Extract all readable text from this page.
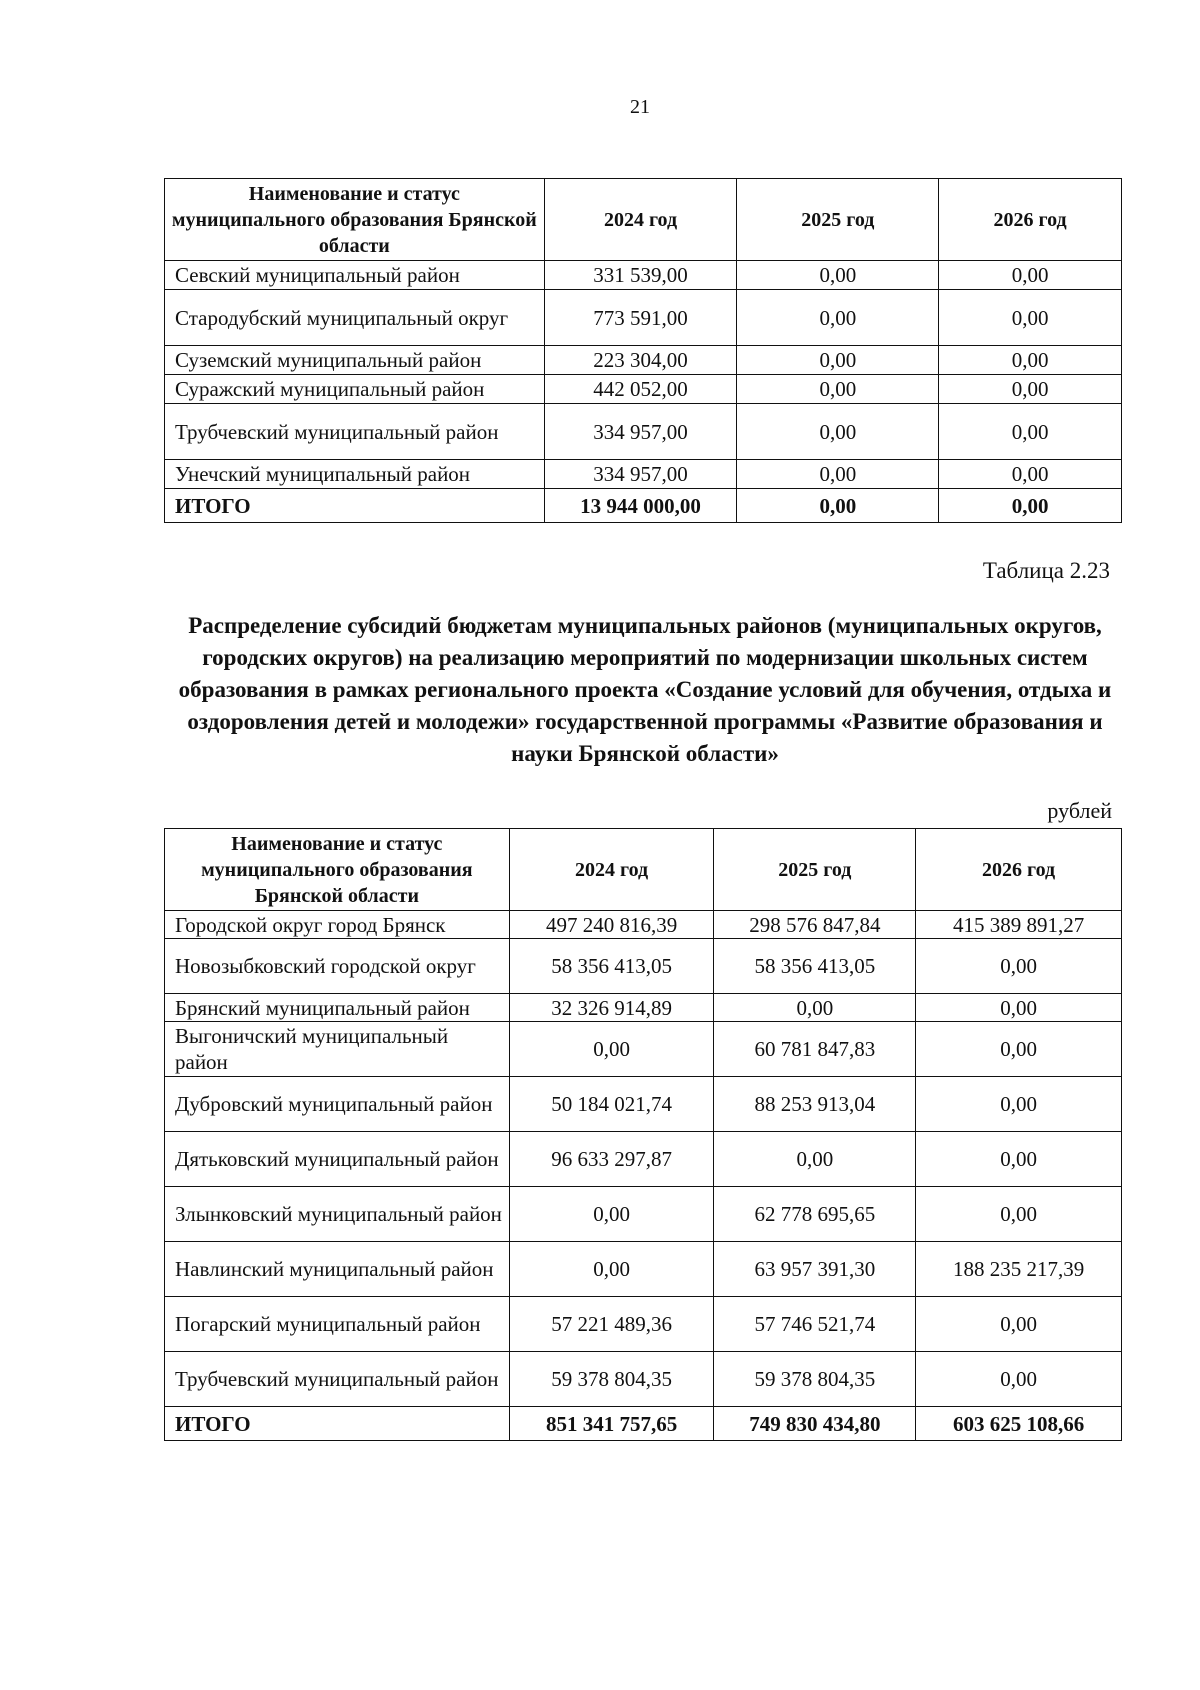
21
Наименование и статус муниципального образования Брянской области	2024 год	2025 год	2026 год
Севский муниципальный район	331 539,00	0,00	0,00
Стародубский муниципальный округ	773 591,00	0,00	0,00
Суземский муниципальный район	223 304,00	0,00	0,00
Суражский муниципальный район	442 052,00	0,00	0,00
Трубчевский муниципальный район	334 957,00	0,00	0,00
Унечский муниципальный район	334 957,00	0,00	0,00
ИТОГО	13 944 000,00	0,00	0,00
Таблица 2.23
Распределение субсидий бюджетам муниципальных районов (муниципальных округов, городских округов) на реализацию мероприятий по модернизации школьных систем образования в рамках регионального проекта «Создание условий для обучения, отдыха и оздоровления детей и молодежи» государственной программы «Развитие образования и науки Брянской области»
рублей
Наименование и статус муниципального образования Брянской области	2024 год	2025 год	2026 год
Городской округ город Брянск	497 240 816,39	298 576 847,84	415 389 891,27
Новозыбковский городской округ	58 356 413,05	58 356 413,05	0,00
Брянский муниципальный район	32 326 914,89	0,00	0,00
Выгоничский муниципальный район	0,00	60 781 847,83	0,00
Дубровский муниципальный район	50 184 021,74	88 253 913,04	0,00
Дятьковский муниципальный район	96 633 297,87	0,00	0,00
Злынковский муниципальный район	0,00	62 778 695,65	0,00
Навлинский муниципальный район	0,00	63 957 391,30	188 235 217,39
Погарский муниципальный район	57 221 489,36	57 746 521,74	0,00
Трубчевский муниципальный район	59 378 804,35	59 378 804,35	0,00
ИТОГО	851 341 757,65	749 830 434,80	603 625 108,66
